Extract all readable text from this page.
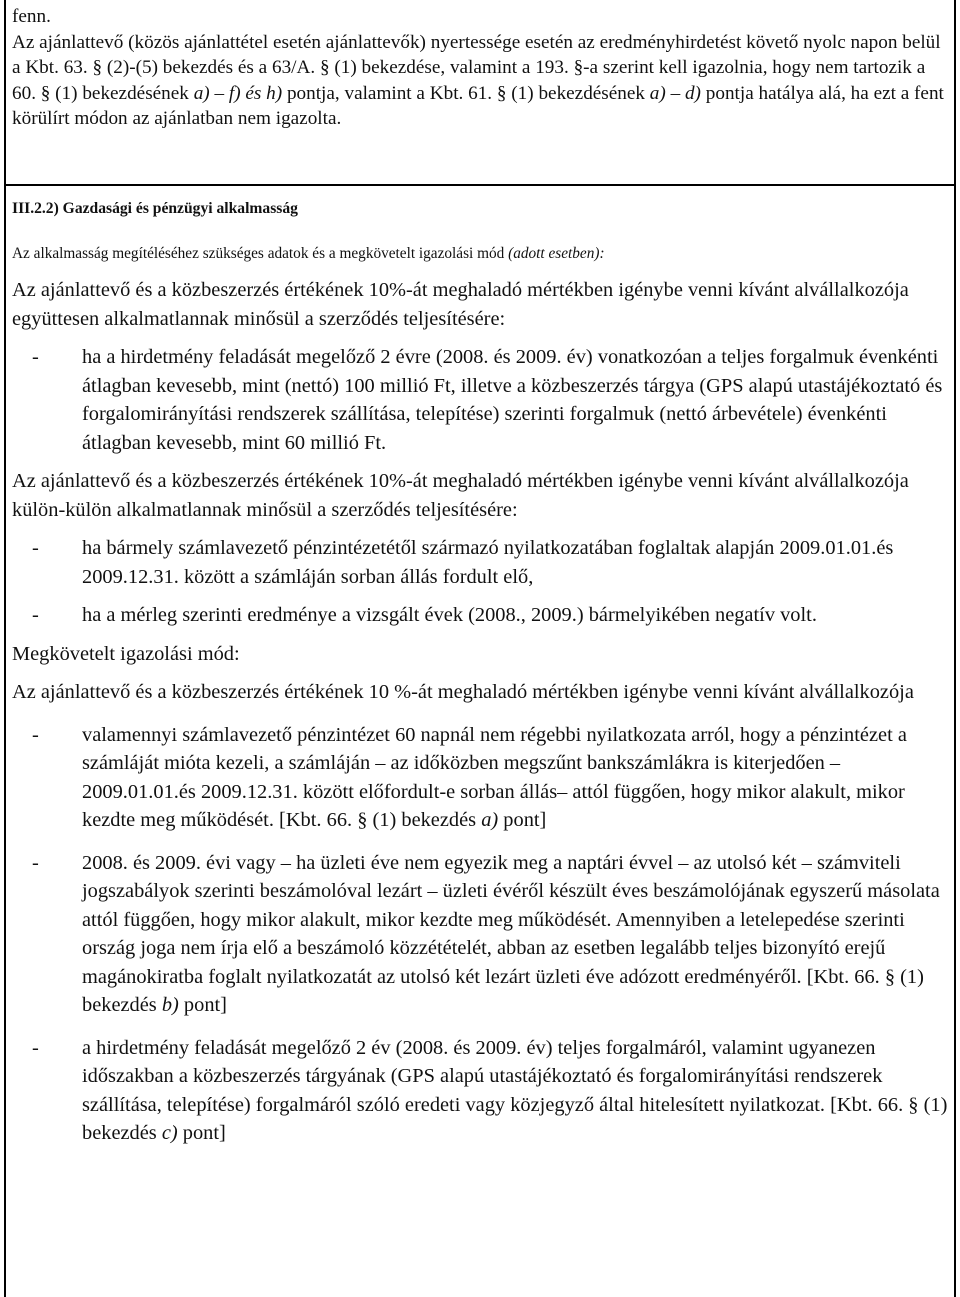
fenn.

Az ajánlattevő (közös ajánlattétel esetén ajánlattevők) nyertessége esetén az eredményhirdetést követő nyolc napon belül a Kbt. 63. § (2)-(5) bekezdés és a 63/A. § (1) bekezdése, valamint a 193. §-a szerint kell igazolnia, hogy nem tartozik a 60. § (1) bekezdésének a) – f) és h) pontja, valamint a Kbt. 61. § (1) bekezdésének a) – d) pontja hatálya alá, ha ezt a fent körülírt módon az ajánlatban nem igazolta.

III.2.2) Gazdasági és pénzügyi alkalmasság
Az alkalmasság megítéléséhez szükséges adatok és a megkövetelt igazolási mód (adott esetben):

Az ajánlattevő és a közbeszerzés értékének 10%-át meghaladó mértékben igénybe venni kívánt alvállalkozója együttesen alkalmatlannak minősül a szerződés teljesítésére:

- ha a hirdetmény feladását megelőző 2 évre (2008. és 2009. év) vonatkozóan a teljes forgalmuk évenkénti átlagban kevesebb, mint (nettó) 100 millió Ft, illetve a közbeszerzés tárgya (GPS alapú utastájékoztató és forgalomirányítási rendszerek szállítása, telepítése) szerinti forgalmuk (nettó árbevétele) évenkénti átlagban kevesebb, mint 60 millió Ft.

Az ajánlattevő és a közbeszerzés értékének 10%-át meghaladó mértékben igénybe venni kívánt alvállalkozója külön-külön alkalmatlannak minősül a szerződés teljesítésére:

- ha bármely számlavezető pénzintézetétől származó nyilatkozatában foglaltak alapján 2009.01.01.és 2009.12.31. között a számláján sorban állás fordult elő,
- ha a mérleg szerinti eredménye a vizsgált évek (2008., 2009.) bármelyikében negatív volt.

Megkövetelt igazolási mód:

Az ajánlattevő és a közbeszerzés értékének 10 %-át meghaladó mértékben igénybe venni kívánt alvállalkozója

- valamennyi számlavezető pénzintézet 60 napnál nem régebbi nyilatkozata arról, hogy a pénzintézet a számláját mióta kezeli, a számláján – az időközben megszűnt bankszámlákra is kiterjedően – 2009.01.01.és 2009.12.31. között előfordult-e sorban állás– attól függően, hogy mikor alakult, mikor kezdte meg működését. [Kbt. 66. § (1) bekezdés a) pont]
- 2008. és 2009. évi vagy – ha üzleti éve nem egyezik meg a naptári évvel – az utolsó két – számviteli jogszabályok szerinti beszámolóval lezárt – üzleti évéről készült éves beszámolójának egyszerű másolata attól függően, hogy mikor alakult, mikor kezdte meg működését. Amennyiben a letelepedése szerinti ország joga nem írja elő a beszámoló közzétételét, abban az esetben legalább teljes bizonyító erejű magánokiratba foglalt nyilatkozatát az utolsó két lezárt üzleti éve adózott eredményéről. [Kbt. 66. § (1) bekezdés b) pont]
- a hirdetmény feladását megelőző 2 év (2008. és 2009. év) teljes forgalmáról, valamint ugyanezen időszakban a közbeszerzés tárgyának (GPS alapú utastájékoztató és forgalomirányítási rendszerek szállítása, telepítése) forgalmáról szóló eredeti vagy közjegyző által hitelesített nyilatkozat. [Kbt. 66. § (1) bekezdés c) pont]
